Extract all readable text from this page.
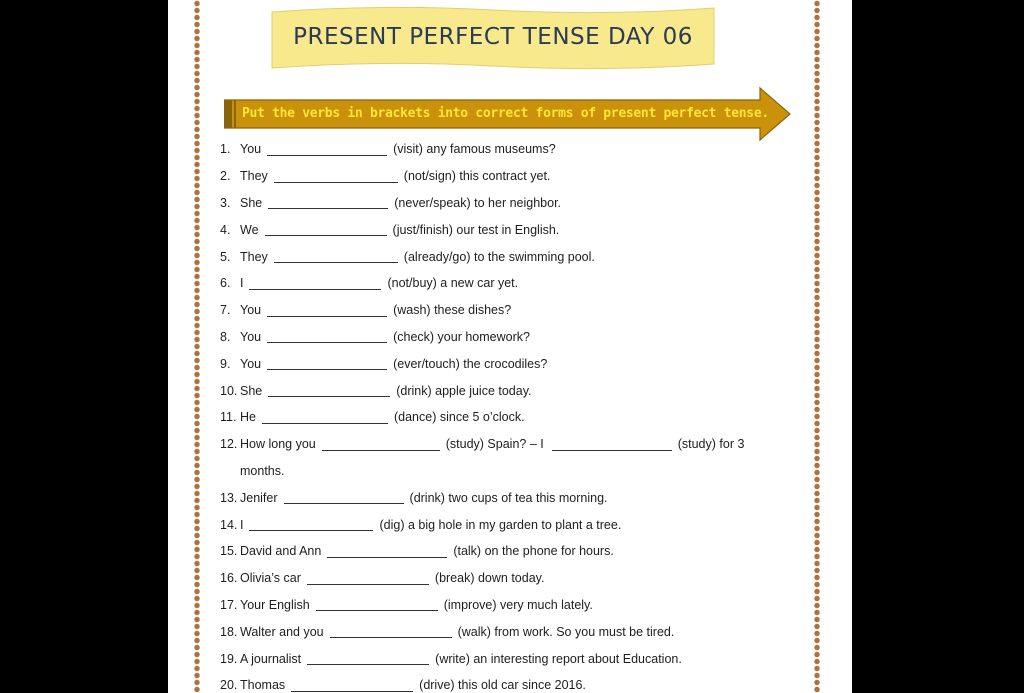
PRESENT PERFECT TENSE DAY 06
Put the verbs in brackets into correct forms of present perfect tense.
1. You	(visit) any famous museums?
2. They	(not/sign) this contract yet.
3. She	(never/speak) to her neighbor.
4. We	(just/finish) our test in English.
5. They	(already/go) to the swimming pool.
6. I	(not/buy) a new car yet.
7. You	(wash) these dishes?
8. You	(check) your homework?
9. You	(ever/touch) the crocodiles?
10. She	(drink) apple juice today.
11. He	(dance) since 5 o’clock.
12. How long you	(study) Spain? – I	(study) for 3
months.
13. Jenifer	(drink) two cups of tea this morning.
14. I	(dig) a big hole in my garden to plant a tree.
15. David and Ann	(talk) on the phone for hours.
16. Olivia’s car	(break) down today.
17. Your English	(improve) very much lately.
18. Walter and you	(walk) from work. So you must be tired.
19. A journalist	(write) an interesting report about Education.
20. Thomas	(drive) this old car since 2016.
